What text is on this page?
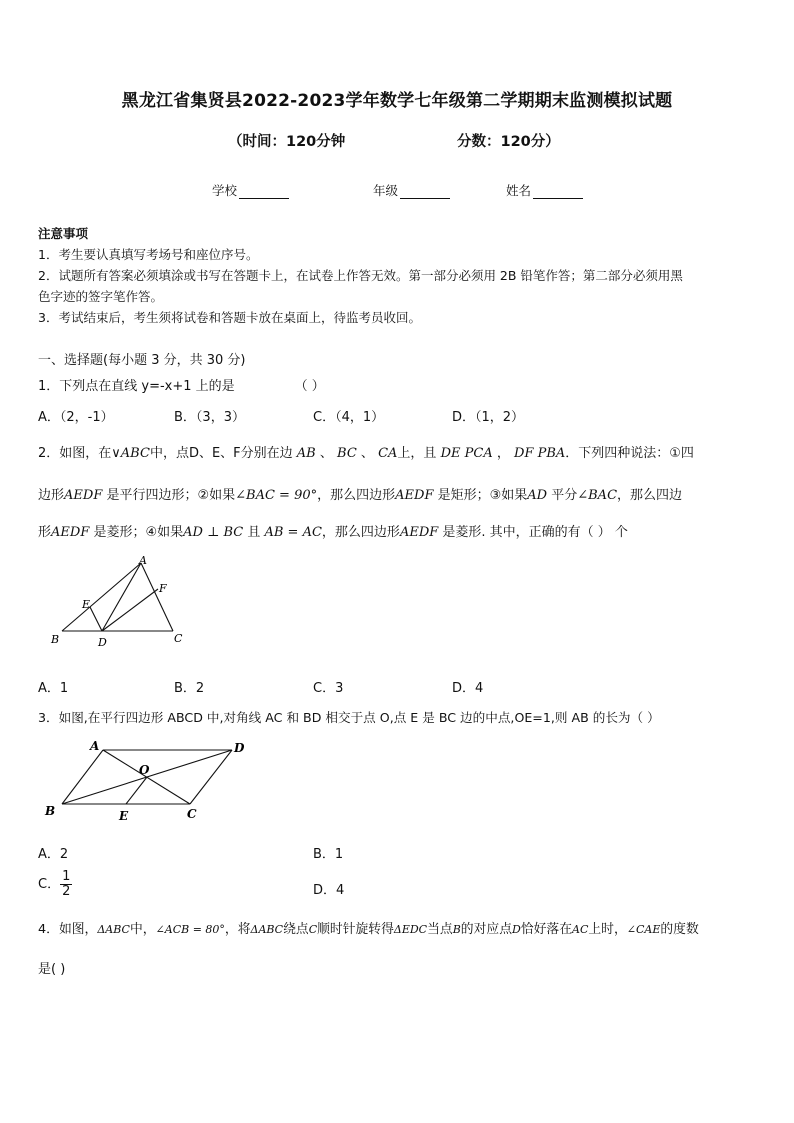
黑龙江省集贤县2022-2023学年数学七年级第二学期期末监测模拟试题
（时间：120分钟	分数：120分）
学校	年级	姓名
注意事项
1．考生要认真填写考场号和座位序号。
2．试题所有答案必须填涂或书写在答题卡上，在试卷上作答无效。第一部分必须用 2B 铅笔作答；第二部分必须用黑
色字迹的签字笔作答。
3．考试结束后，考生须将试卷和答题卡放在桌面上，待监考员收回。
一、选择题(每小题 3 分，共 30 分)
1．下列点在直线 y=-x+1 上的是	（ ）
A．（2，-1）	B．（3，3）	C．（4，1）	D．（1，2）
2．如图，在∨ABC中，点D、E、F分别在边 AB 、 BC 、 CA上，且 DE PCA ， DF PBA．下列四种说法：①四
边形AEDF 是平行四边形；②如果∠BAC = 90°，那么四边形AEDF 是矩形；③如果AD 平分∠BAC，那么四边
形AEDF 是菱形；④如果AD ⊥ BC 且 AB = AC，那么四边形AEDF 是菱形. 其中，正确的有（ ） 个
A
E
F
B	D	C
A．1	B．2	C．3	D．4
3．如图,在平行四边形 ABCD 中,对角线 AC 和 BD 相交于点 O,点 E 是 BC 边的中点,OE=1,则 AB 的长为（ ）
A	D
O
B	E	C
A．2	B．1
C． $\frac{1}{2}$	D．4
4．如图，ΔABC中，∠ACB = 80°，将ΔABC绕点C顺时针旋转得ΔEDC当点B的对应点D恰好落在AC上时，∠CAE的度数
是( )
